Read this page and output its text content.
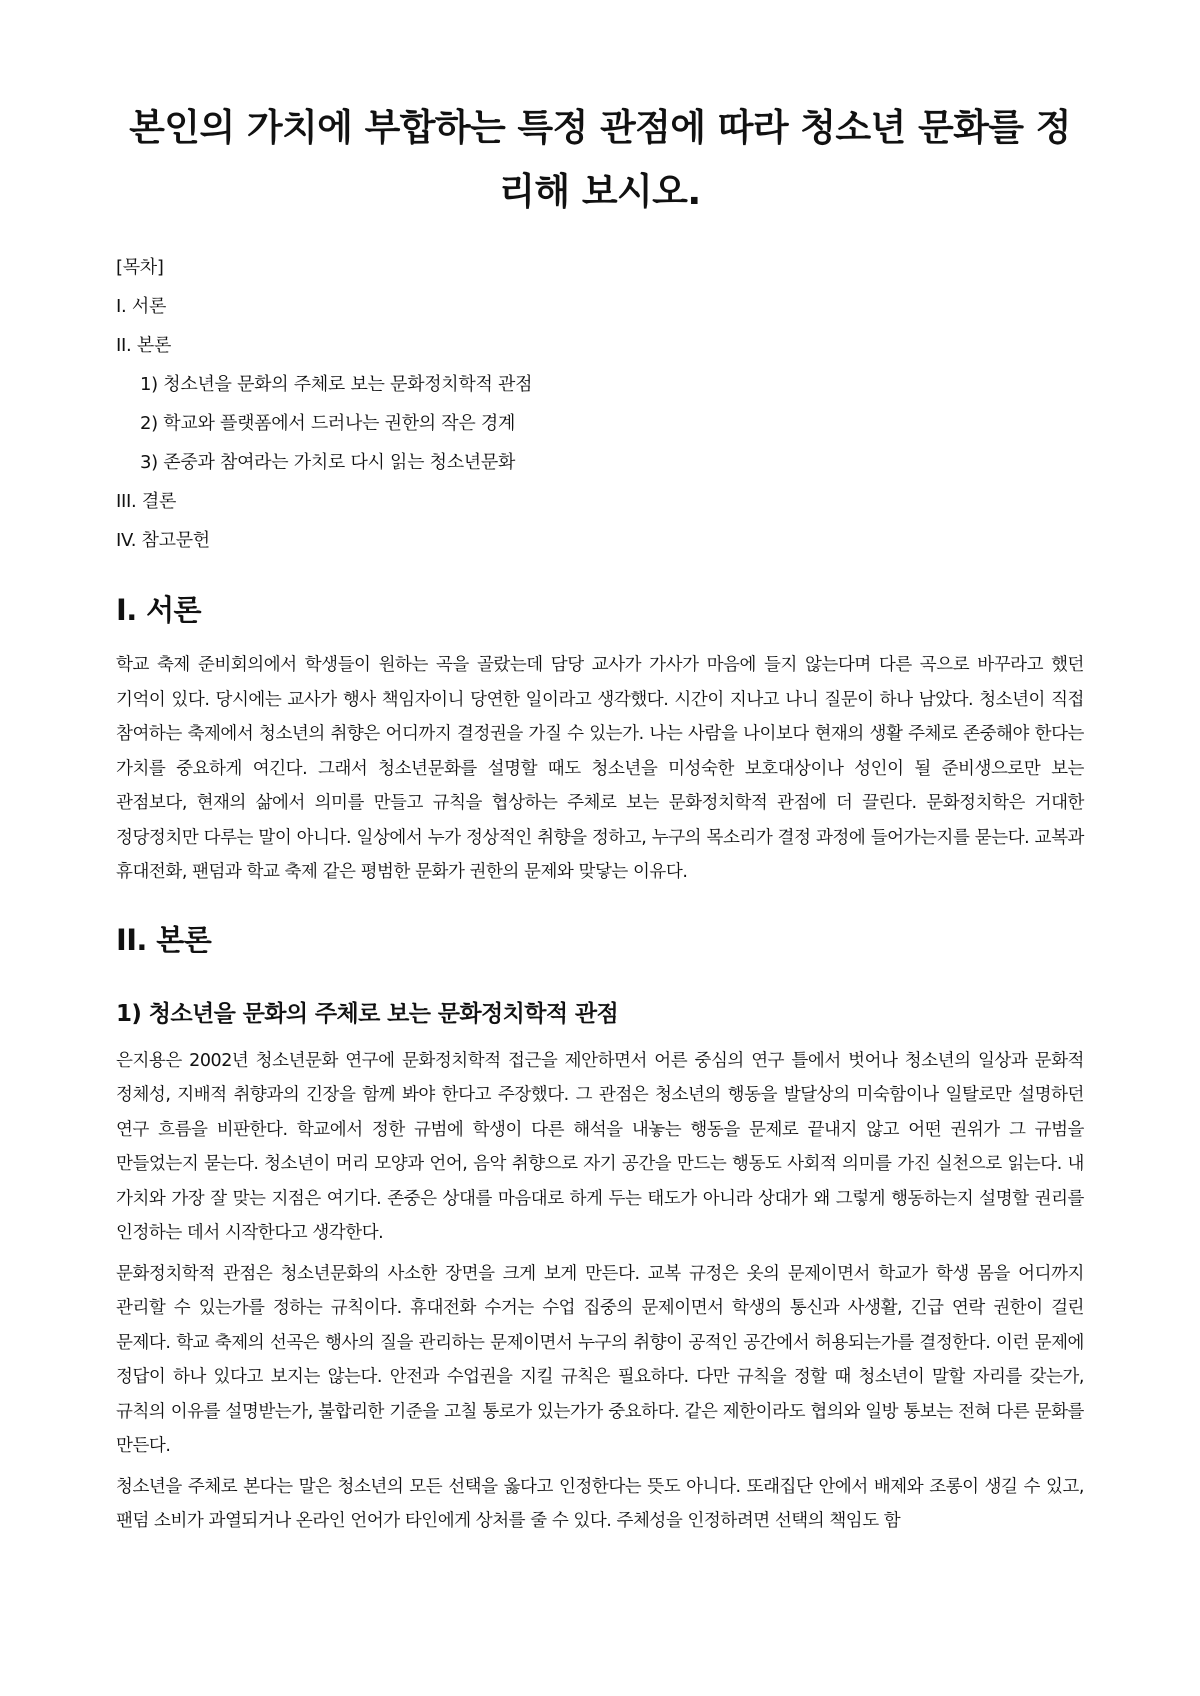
본인의 가치에 부합하는 특정 관점에 따라 청소년 문화를 정리해 보시오.
[목차]
I. 서론
II. 본론
1) 청소년을 문화의 주체로 보는 문화정치학적 관점
2) 학교와 플랫폼에서 드러나는 권한의 작은 경계
3) 존중과 참여라는 가치로 다시 읽는 청소년문화
III. 결론
IV. 참고문헌
I. 서론

학교 축제 준비회의에서 학생들이 원하는 곡을 골랐는데 담당 교사가 가사가 마음에 들지 않는다며 다른 곡으로 바꾸라고 했던 기억이 있다. 당시에는 교사가 행사 책임자이니 당연한 일이라고 생각했다. 시간이 지나고 나니 질문이 하나 남았다. 청소년이 직접 참여하는 축제에서 청소년의 취향은 어디까지 결정권을 가질 수 있는가. 나는 사람을 나이보다 현재의 생활 주체로 존중해야 한다는 가치를 중요하게 여긴다. 그래서 청소년문화를 설명할 때도 청소년을 미성숙한 보호대상이나 성인이 될 준비생으로만 보는 관점보다, 현재의 삶에서 의미를 만들고 규칙을 협상하는 주체로 보는 문화정치학적 관점에 더 끌린다. 문화정치학은 거대한 정당정치만 다루는 말이 아니다. 일상에서 누가 정상적인 취향을 정하고, 누구의 목소리가 결정 과정에 들어가는지를 묻는다. 교복과 휴대전화, 팬덤과 학교 축제 같은 평범한 문화가 권한의 문제와 맞닿는 이유다.

II. 본론
1) 청소년을 문화의 주체로 보는 문화정치학적 관점

은지용은 2002년 청소년문화 연구에 문화정치학적 접근을 제안하면서 어른 중심의 연구 틀에서 벗어나 청소년의 일상과 문화적 정체성, 지배적 취향과의 긴장을 함께 봐야 한다고 주장했다. 그 관점은 청소년의 행동을 발달상의 미숙함이나 일탈로만 설명하던 연구 흐름을 비판한다. 학교에서 정한 규범에 학생이 다른 해석을 내놓는 행동을 문제로 끝내지 않고 어떤 권위가 그 규범을 만들었는지 묻는다. 청소년이 머리 모양과 언어, 음악 취향으로 자기 공간을 만드는 행동도 사회적 의미를 가진 실천으로 읽는다. 내 가치와 가장 잘 맞는 지점은 여기다. 존중은 상대를 마음대로 하게 두는 태도가 아니라 상대가 왜 그렇게 행동하는지 설명할 권리를 인정하는 데서 시작한다고 생각한다.

문화정치학적 관점은 청소년문화의 사소한 장면을 크게 보게 만든다. 교복 규정은 옷의 문제이면서 학교가 학생 몸을 어디까지 관리할 수 있는가를 정하는 규칙이다. 휴대전화 수거는 수업 집중의 문제이면서 학생의 통신과 사생활, 긴급 연락 권한이 걸린 문제다. 학교 축제의 선곡은 행사의 질을 관리하는 문제이면서 누구의 취향이 공적인 공간에서 허용되는가를 결정한다. 이런 문제에 정답이 하나 있다고 보지는 않는다. 안전과 수업권을 지킬 규칙은 필요하다. 다만 규칙을 정할 때 청소년이 말할 자리를 갖는가, 규칙의 이유를 설명받는가, 불합리한 기준을 고칠 통로가 있는가가 중요하다. 같은 제한이라도 협의와 일방 통보는 전혀 다른 문화를 만든다.

청소년을 주체로 본다는 말은 청소년의 모든 선택을 옳다고 인정한다는 뜻도 아니다. 또래집단 안에서 배제와 조롱이 생길 수 있고, 팬덤 소비가 과열되거나 온라인 언어가 타인에게 상처를 줄 수 있다. 주체성을 인정하려면 선택의 책임도 함
